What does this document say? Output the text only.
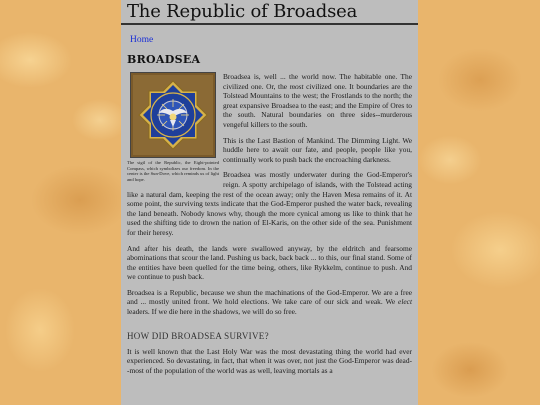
The Republic of Broadsea
Home
BROADSEA
The sigil of the Republic, the Eight-pointed Compass, which symbolizes our freedom. In the center is the Sun-Dove, which reminds us of light and hope.

Broadsea is, well ... the world now. The habitable one. The civilized one. Or, the most civilized one. It boundaries are the Tolstead Mountains to the west; the Frostlands to the north; the great expansive Broadsea to the east; and the Empire of Ores to the south. Natural boundaries on three sides--murderous vengeful killers to the south.

This is the Last Bastion of Mankind. The Dimming Light. We huddle here to await our fate, and people, people like you, continually work to push back the encroaching darkness.

Broadsea was mostly underwater during the God-Emperor's reign. A spotty archipelago of islands, with the Tolstead acting like a natural dam, keeping the rest of the ocean away; only the Haven Mesa remains of it. At some point, the surviving texts indicate that the God-Emperor pushed the water back, revealing the land beneath. Nobody knows why, though the more cynical among us like to think that he used the shifting tide to drown the nation of El-Karis, on the other side of the sea. Punishment for their heresy.

And after his death, the lands were swallowed anyway, by the eldritch and fearsome abominations that scour the land. Pushing us back, back back ... to this, our final stand. Some of the entities have been quelled for the time being, others, like Rykkelm, continue to push. And we continue to push back.

Broadsea is a Republic, because we shun the machinations of the God-Emperor. We are a free and ... mostly united front. We hold elections. We take care of our sick and weak. We elect leaders. If we die here in the shadows, we will do so free.

HOW DID BROADSEA SURVIVE?

It is well known that the Last Holy War was the most devastating thing the world had ever experienced. So devastating, in fact, that when it was over, not just the God-Emperor was dead--most of the population of the world was as well, leaving mortals as a
